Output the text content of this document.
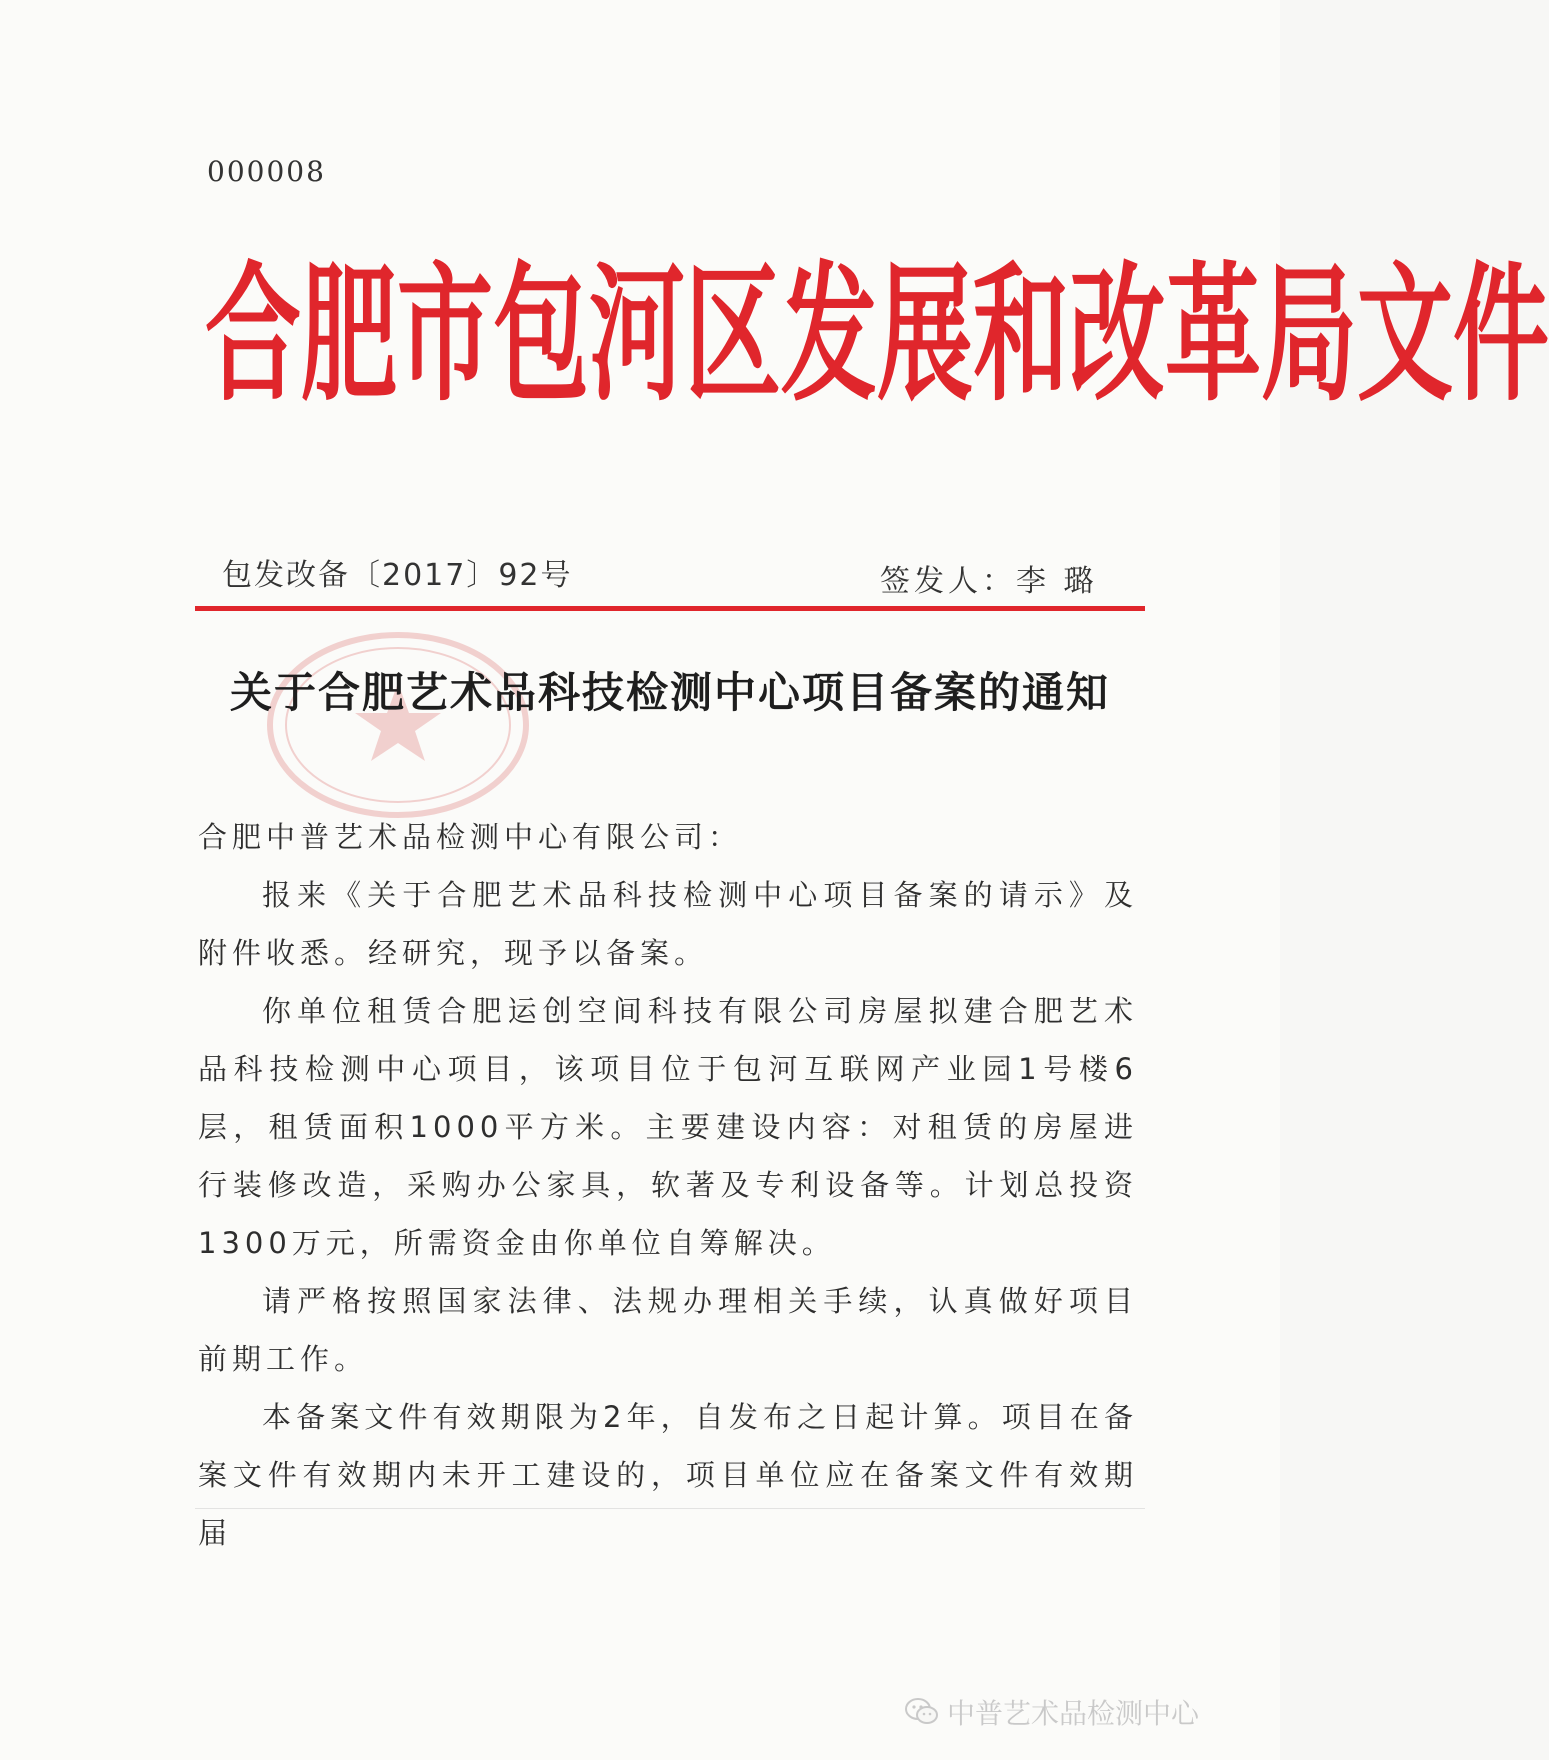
000008
合 肥 市 包 河 区 发 展 和 改 革 局 文 件
包发改备〔2017〕92号	签发人：李 璐
关于合肥艺术品科技检测中心项目备案的通知

合肥中普艺术品检测中心有限公司：

报来《关于合肥艺术品科技检测中心项目备案的请示》及附件收悉。经研究，现予以备案。

你单位租赁合肥运创空间科技有限公司房屋拟建合肥艺术品科技检测中心项目，该项目位于包河互联网产业园1号楼6层，租赁面积1000平方米。主要建设内容：对租赁的房屋进行装修改造，采购办公家具，软著及专利设备等。计划总投资1300万元，所需资金由你单位自筹解决。

请严格按照国家法律、法规办理相关手续，认真做好项目前期工作。

本备案文件有效期限为2年，自发布之日起计算。项目在备案文件有效期内未开工建设的，项目单位应在备案文件有效期届

中普艺术品检测中心
